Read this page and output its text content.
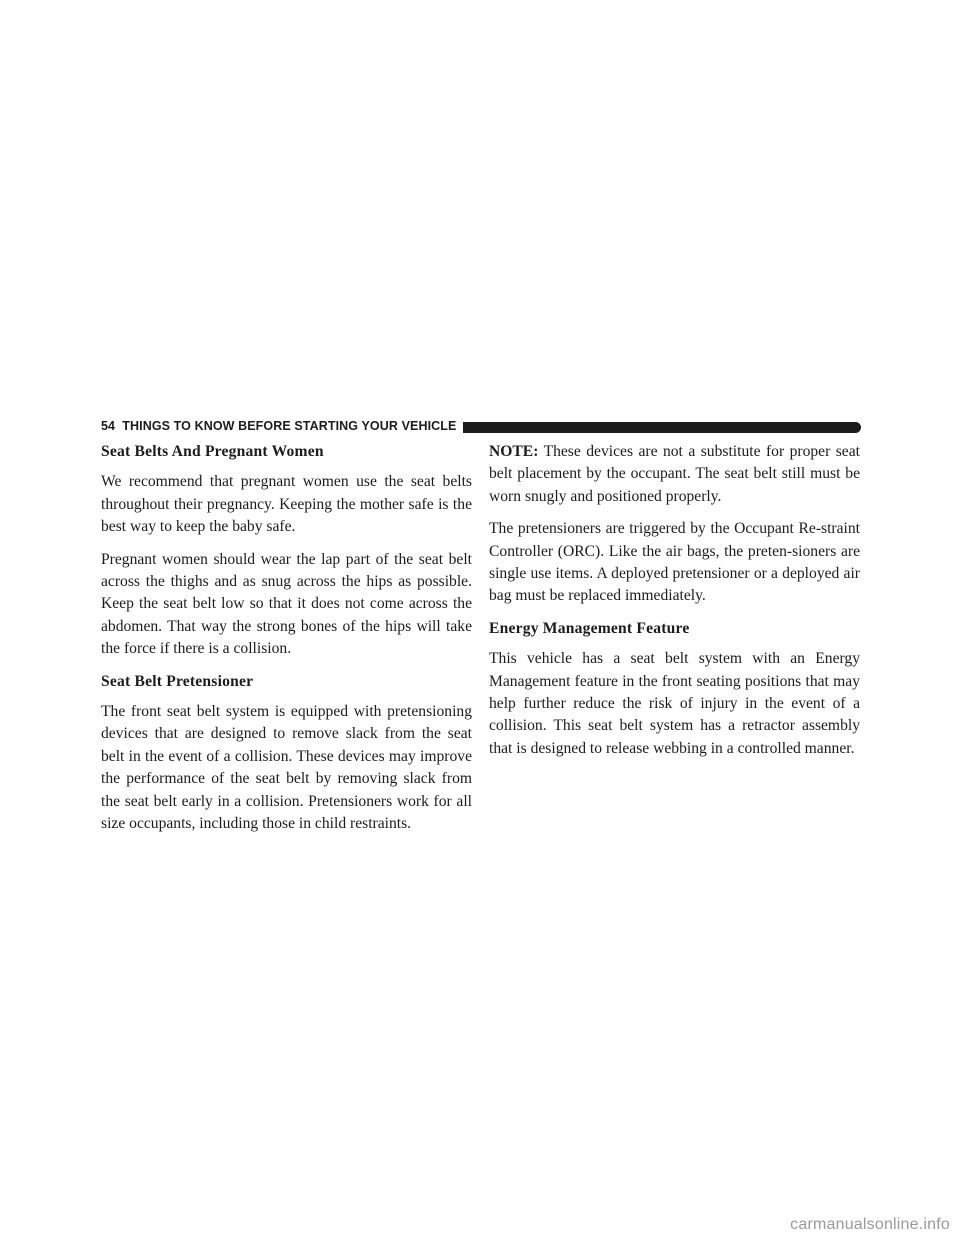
54 THINGS TO KNOW BEFORE STARTING YOUR VEHICLE
Seat Belts And Pregnant Women

We recommend that pregnant women use the seat belts throughout their pregnancy. Keeping the mother safe is the best way to keep the baby safe.

Pregnant women should wear the lap part of the seat belt across the thighs and as snug across the hips as possible. Keep the seat belt low so that it does not come across the abdomen. That way the strong bones of the hips will take the force if there is a collision.

Seat Belt Pretensioner

The front seat belt system is equipped with pretensioning devices that are designed to remove slack from the seat belt in the event of a collision. These devices may improve the performance of the seat belt by removing slack from the seat belt early in a collision. Pretensioners work for all size occupants, including those in child restraints.

NOTE: These devices are not a substitute for proper seat belt placement by the occupant. The seat belt still must be worn snugly and positioned properly.

The pretensioners are triggered by the Occupant Re-straint Controller (ORC). Like the air bags, the preten-sioners are single use items. A deployed pretensioner or a deployed air bag must be replaced immediately.

Energy Management Feature

This vehicle has a seat belt system with an Energy Management feature in the front seating positions that may help further reduce the risk of injury in the event of a collision. This seat belt system has a retractor assembly that is designed to release webbing in a controlled manner.

carmanualsonline.info
